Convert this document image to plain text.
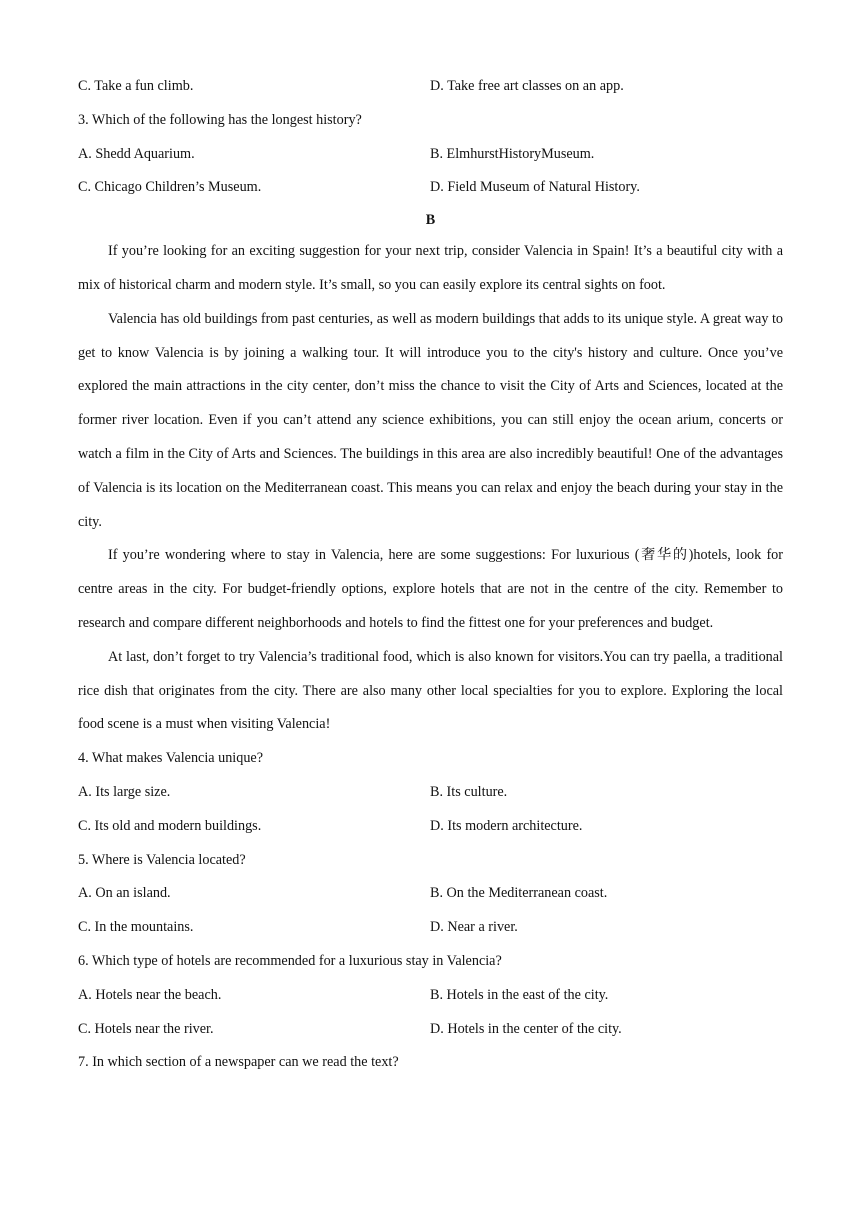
C. Take a fun climb.	D. Take free art classes on an app.
3. Which of the following has the longest history?
A. Shedd Aquarium.	B. ElmhurstHistoryMuseum.
C. Chicago Children’s Museum.	D. Field Museum of Natural History.
B

If you’re looking for an exciting suggestion for your next trip, consider Valencia in Spain! It’s a beautiful city with a mix of historical charm and modern style. It’s small, so you can easily explore its central sights on foot.

Valencia has old buildings from past centuries, as well as modern buildings that adds to its unique style. A great way to get to know Valencia is by joining a walking tour. It will introduce you to the city's history and culture. Once you’ve explored the main attractions in the city center, don’t miss the chance to visit the City of Arts and Sciences, located at the former river location. Even if you can’t attend any science exhibitions, you can still enjoy the ocean arium, concerts or watch a film in the City of Arts and Sciences. The buildings in this area are also incredibly beautiful! One of the advantages of Valencia is its location on the Mediterranean coast. This means you can relax and enjoy the beach during your stay in the city.

If you’re wondering where to stay in Valencia, here are some suggestions: For luxurious (奢华的)hotels, look for centre areas in the city. For budget-friendly options, explore hotels that are not in the centre of the city. Remember to research and compare different neighborhoods and hotels to find the fittest one for your preferences and budget.

At last, don’t forget to try Valencia’s traditional food, which is also known for visitors.You can try paella, a traditional rice dish that originates from the city. There are also many other local specialties for you to explore. Exploring the local food scene is a must when visiting Valencia!

4. What makes Valencia unique?
A. Its large size.	B. Its culture.
C. Its old and modern buildings.	D. Its modern architecture.
5. Where is Valencia located?
A. On an island.	B. On the Mediterranean coast.
C. In the mountains.	D. Near a river.
6. Which type of hotels are recommended for a luxurious stay in Valencia?
A. Hotels near the beach.	B. Hotels in the east of the city.
C. Hotels near the river.	D. Hotels in the center of the city.
7. In which section of a newspaper can we read the text?
